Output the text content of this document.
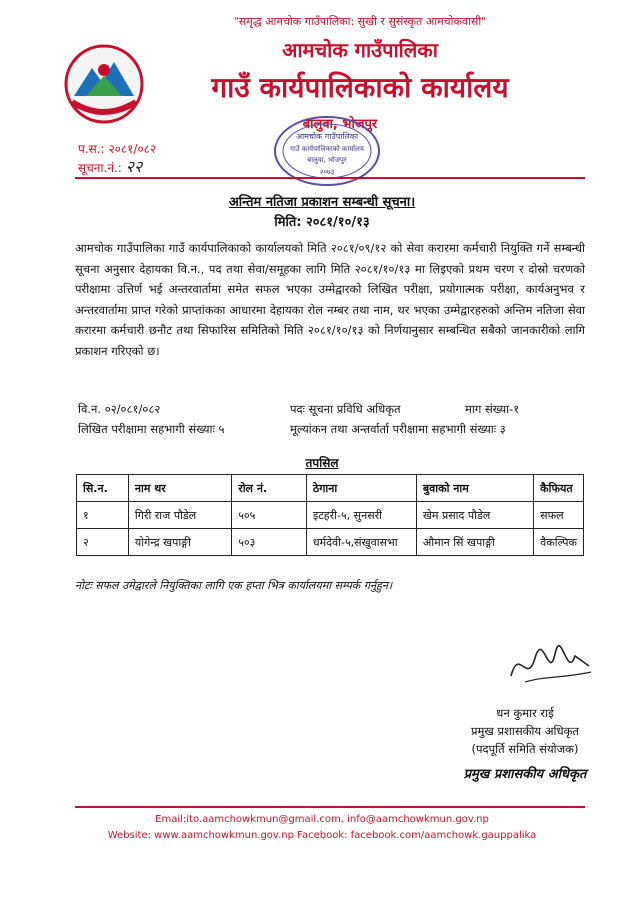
"समृद्ध आमचोक गाउँपालिका: सुखी र सुसंस्कृत आमचोकवासी"
आमचोक गाउँपालिका
गाउँ कार्यपालिकाको कार्यालय
बालुवा, भोजपुर
आमचोक गाउँपालिका
गाउँ कार्यपालिकाको कार्यालय
बालुवा, भोजपुर
२०७३
प.स.: २०८१/०८२
सूचना.नं.: २२
अन्तिम नतिजा प्रकाशन सम्बन्धी सूचना।
मिति: २०८१/१०/१३
आमचोक गाउँपालिका गाउँ कार्यपालिकाको कार्यालयको मिति २०८१/०९/१२ को सेवा करारमा कर्मचारी नियुक्ति गर्ने सम्बन्धी सूचना अनुसार देहायका वि.न., पद तथा सेवा/समूहका लागि मिति २०८१/१०/१३ मा लिइएको प्रथम चरण र दोस्रो चरणको परीक्षामा उत्तिर्ण भई अन्तरवार्तामा समेत सफल भएका उम्मेद्वारको लिखित परीक्षा, प्रयोगात्मक परीक्षा, कार्यअनुभव र अन्तरवार्तामा प्राप्त गरेको प्राप्तांकका आधारमा देहायका रोल नम्बर तथा नाम, थर भएका उम्मेद्वारहरुको अन्तिम नतिजा सेवा करारमा कर्मचारी छनौट तथा सिफारिस समितिको मिति २०८१/१०/१३ को निर्णयानुसार सम्बन्धित सबैको जानकारीको लागि प्रकाशन गरिएको छ।
वि.न. ०२/०८१/०८२	पदः सूचना प्रविधि अधिकृत	माग संख्या-१
लिखित परीक्षामा सहभागी संख्याः ५	मूल्यांकन तथा अन्तर्वार्ता परीक्षामा सहभागी संख्याः ३
तपसिल
सि.न.	नाम थर	रोल नं.	ठेगाना	बुवाको नाम	कैफियत
१	गिरी राज पौडेल	५०५	इटहरी-५, सुनसरी	खेम प्रसाद पौडेल	सफल
२	योगेन्द्र खपाङ्गी	५०३	धर्मदेवी-५,संखुवासभा	औमान सिं खपाङ्गी	वैकल्पिक
नोटः सफल उमेद्वारले नियुक्तिका लागि एक हप्ता भित्र कार्यालयमा सम्पर्क गर्नुहुन।
धन कुमार राई
प्रमुख प्रशासकीय अधिकृत
(पदपूर्ति समिति संयोजक)
प्रमुख प्रशासकीय अधिकृत
Email:ito.aamchowkmun@gmail.com, info@aamchowkmun.gov.np
Website: www.aamchowkmun.gov.np Facebook: facebook.com/aamchowk.gauppalika
